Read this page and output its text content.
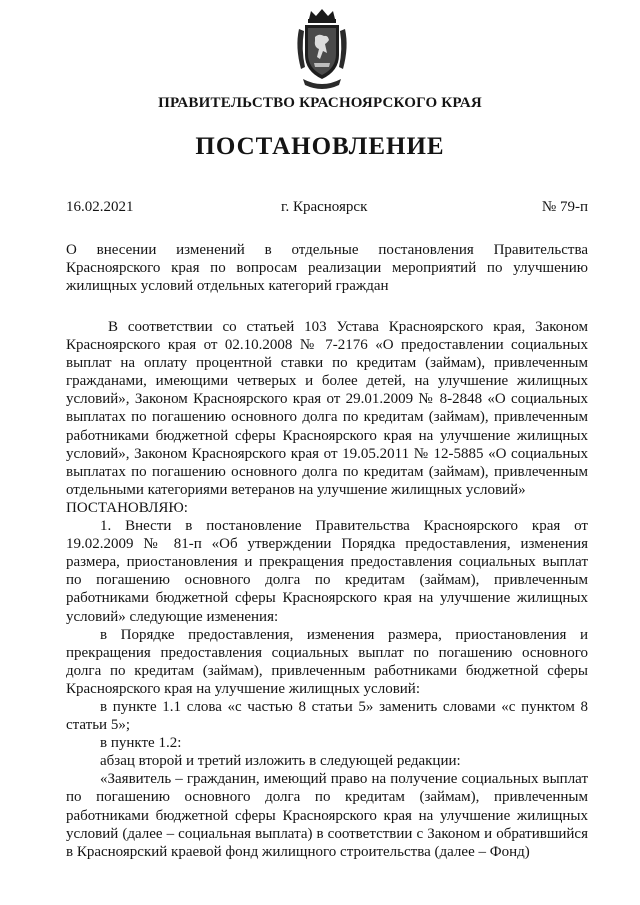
ПРАВИТЕЛЬСТВО КРАСНОЯРСКОГО КРАЯ
ПОСТАНОВЛЕНИЕ
16.02.2021	г. Красноярск	№ 79-п
О внесении изменений в отдельные постановления Правительства Красноярского края по вопросам реализации мероприятий по улучшению жилищных условий отдельных категорий граждан

В соответствии со статьей 103 Устава Красноярского края, Законом Красноярского края от 02.10.2008 № 7-2176 «О предоставлении социальных выплат на оплату процентной ставки по кредитам (займам), привлеченным гражданами, имеющими четверых и более детей, на улучшение жилищных условий», Законом Красноярского края от 29.01.2009 № 8-2848 «О социальных выплатах по погашению основного долга по кредитам (займам), привлеченным работниками бюджетной сферы Красноярского края на улучшение жилищных условий», Законом Красноярского края от 19.05.2011 № 12-5885 «О социальных выплатах по погашению основного долга по кредитам (займам), привлеченным отдельными категориями ветеранов на улучшение жилищных условий»

ПОСТАНОВЛЯЮ:

1. Внести в постановление Правительства Красноярского края от 19.02.2009 № 81-п «Об утверждении Порядка предоставления, изменения размера, приостановления и прекращения предоставления социальных выплат по погашению основного долга по кредитам (займам), привлеченным работниками бюджетной сферы Красноярского края на улучшение жилищных условий» следующие изменения:

в Порядке предоставления, изменения размера, приостановления и прекращения предоставления социальных выплат по погашению основного долга по кредитам (займам), привлеченным работниками бюджетной сферы Красноярского края на улучшение жилищных условий:

в пункте 1.1 слова «с частью 8 статьи 5» заменить словами «с пунктом 8 статьи 5»;

в пункте 1.2:

абзац второй и третий изложить в следующей редакции:

«Заявитель – гражданин, имеющий право на получение социальных выплат по погашению основного долга по кредитам (займам), привлеченным работниками бюджетной сферы Красноярского края на улучшение жилищных условий (далее – социальная выплата) в соответствии с Законом и обратившийся в Красноярский краевой фонд жилищного строительства (далее – Фонд)
